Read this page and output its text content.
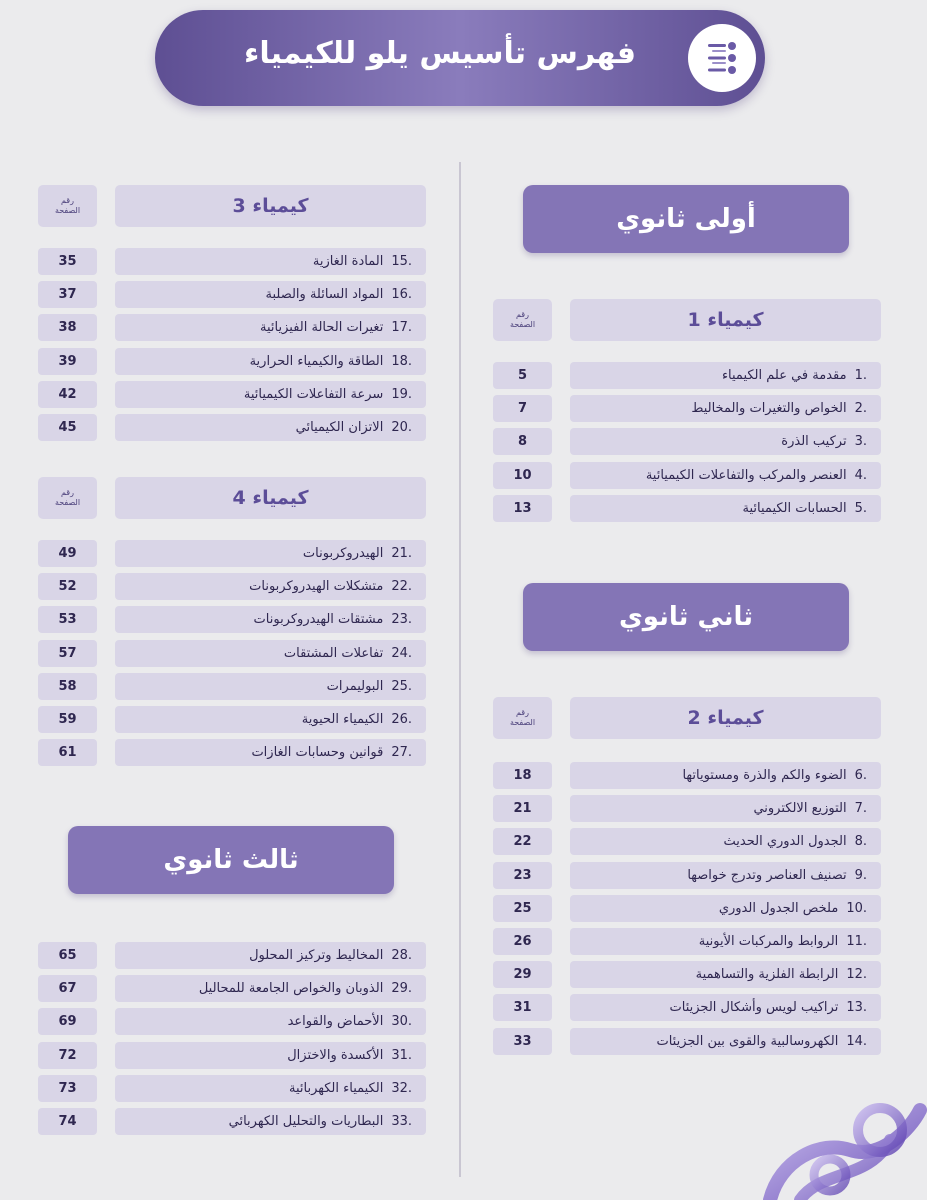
فهرس تأسيس يلو للكيمياء
أولى ثانوي
ثاني ثانوي
ثالث ثانوي
كيمياء 1
رقم
الصفحة
كيمياء 2
رقم
الصفحة
كيمياء 3
رقم
الصفحة
كيمياء 4
رقم
الصفحة
مقدمة في علم الكيمياء 1.
5
الخواص والتغيرات والمخاليط 2.
7
تركيب الذرة 3.
8
العنصر والمركب والتفاعلات الكيميائية 4.
10
الحسابات الكيميائية 5.
13
الضوء والكم والذرة ومستوياتها 6.
18
التوزيع الالكتروني 7.
21
الجدول الدوري الحديث 8.
22
تصنيف العناصر وتدرج خواصها 9.
23
ملخص الجدول الدوري 10.
25
الروابط والمركبات الأيونية 11.
26
الرابطة الفلزية والتساهمية 12.
29
تراكيب لويس وأشكال الجزيئات 13.
31
الكهروسالبية والقوى بين الجزيئات 14.
33
المادة الغازية 15.
35
المواد السائلة والصلبة 16.
37
تغيرات الحالة الفيزيائية 17.
38
الطاقة والكيمياء الحرارية 18.
39
سرعة التفاعلات الكيميائية 19.
42
الاتزان الكيميائي 20.
45
الهيدروكربونات 21.
49
متشكلات الهيدروكربونات 22.
52
مشتقات الهيدروكربونات 23.
53
تفاعلات المشتقات 24.
57
البوليمرات 25.
58
الكيمياء الحيوية 26.
59
قوانين وحسابات الغازات 27.
61
المخاليط وتركيز المحلول 28.
65
الذوبان والخواص الجامعة للمحاليل 29.
67
الأحماض والقواعد 30.
69
الأكسدة والاختزال 31.
72
الكيمياء الكهربائية 32.
73
البطاريات والتحليل الكهربائي 33.
74
